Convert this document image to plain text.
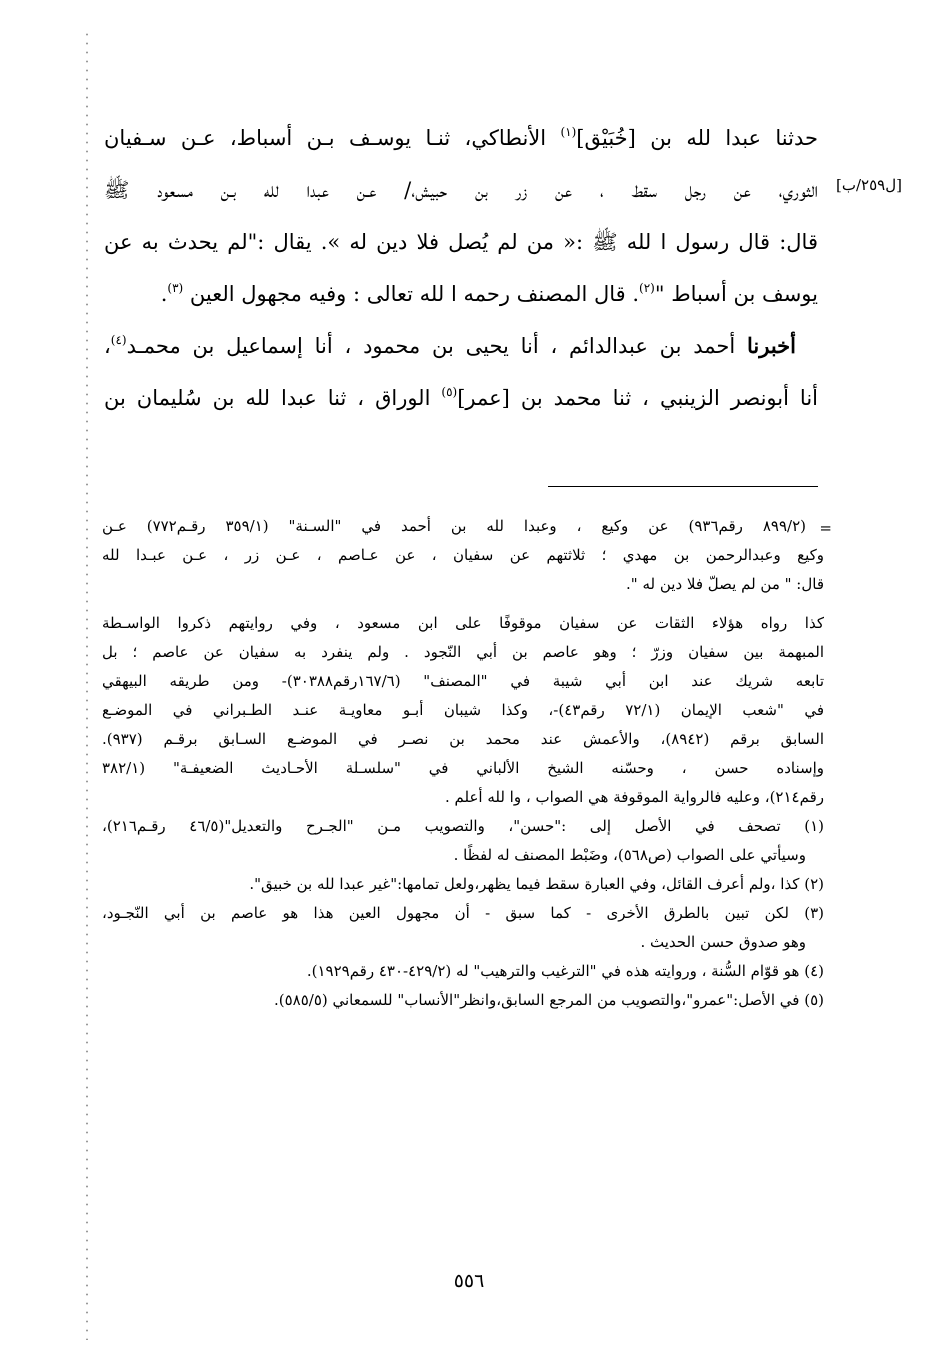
حدثنا عبدا لله بن [خُبَيْق]$^{(١)}$ الأنطاكي، ثنـا يوسـف بـن أسباط، عـن سـفيان
الثوري، عن رجل سقط ، عن زر بن حبيش،/ عـن عبدا لله بـن مسعود ﷺ
قال: قال رسول ا لله ﷺ :« من لم يُصل فلا دين له ». يقال :"لم يحدث به عن
يوسف بن أسباط "$^{(٢)}$. قال المصنف رحمه ا لله تعالى : وفيه مجهول العين $^{(٣)}$.
أخبرنا أحمد بن عبدالدائم ، أنا يحيى بن محمود ، أنا إسماعيل بن محمـد$^{(٤)}$،
أنا أبونصر الزينبي ، ثنا محمد بن [عمر]$^{(٥)}$ الوراق ، ثنا عبدا لله بن سُليمان بن
[ل٢٥٩/ب]
=
(٨٩٩/٢ رقم٩٣٦) عن وكيع ، وعبدا لله بن أحمد في "السـنة" (٣٥٩/١ رقـم٧٧٢) عـن
وكيع وعبدالرحمن بن مهدي ؛ ثلاثتهم عن سفيان ، عن عـاصم ، عـن زر ، عـن عبـدا لله
قال: " من لم يصلّ فلا دين له ".
كذا رواه هؤلاء الثقات عن سفيان موقوفًا على ابن مسعود ، وفي روايتهم ذكروا الواسـطة
المبهمة بين سفيان وزرّ ؛ وهو عاصم بن أبي النّجود . ولم ينفرد به سفيان عن عاصم ؛ بل
تابعه شريك عند ابن أبي شيبة في "المصنف" (١٦٧/٦رقم٣٠٣٨٨)- ومن طريقه البيهقي
في "شعب الإيمان (٧٢/١ رقم٤٣)-، وكذا شيبان أبـو معاويـة عنـد الطـبراني في الموضـع
السابق برقم (٨٩٤٢)، والأعمش عند محمد بن نصـر في الموضـع السـابق برقـم (٩٣٧).
وإسناده حسن ، وحسّنه الشيخ الألباني في "سلسـلة الأحـاديث الضعيفـة" (٣٨٢/١
رقم٢١٤)، وعليه فالرواية الموقوفة هي الصواب ، وا لله أعلم .
(١) تصحف في الأصل إلى :"حسن"، والتصويب مـن "الجـرح والتعديل"(٤٦/٥ رقـم٢١٦)،
وسيأتي على الصواب (ص٥٦٨)، وضَبْط المصنف له لفظًا .
(٢) كذا ،ولم أعرف القائل، وفي العبارة سقط فيما يظهر،ولعل تمامها:"غير عبدا لله بن خبيق".
(٣) لكن تبين بالطرق الأخرى - كما سبق - أن مجهول العين هذا هو عاصم بن أبي النّجـود،
وهو صدوق حسن الحديث .
(٤) هو قوّام السُّنة ، وروايته هذه في "الترغيب والترهيب" له (٤٢٩/٢-٤٣٠ رقم١٩٢٩).
(٥) في الأصل:"عمرو"،والتصويب من المرجع السابق،وانظر"الأنساب" للسمعاني (٥٨٥/٥).
٥٥٦
